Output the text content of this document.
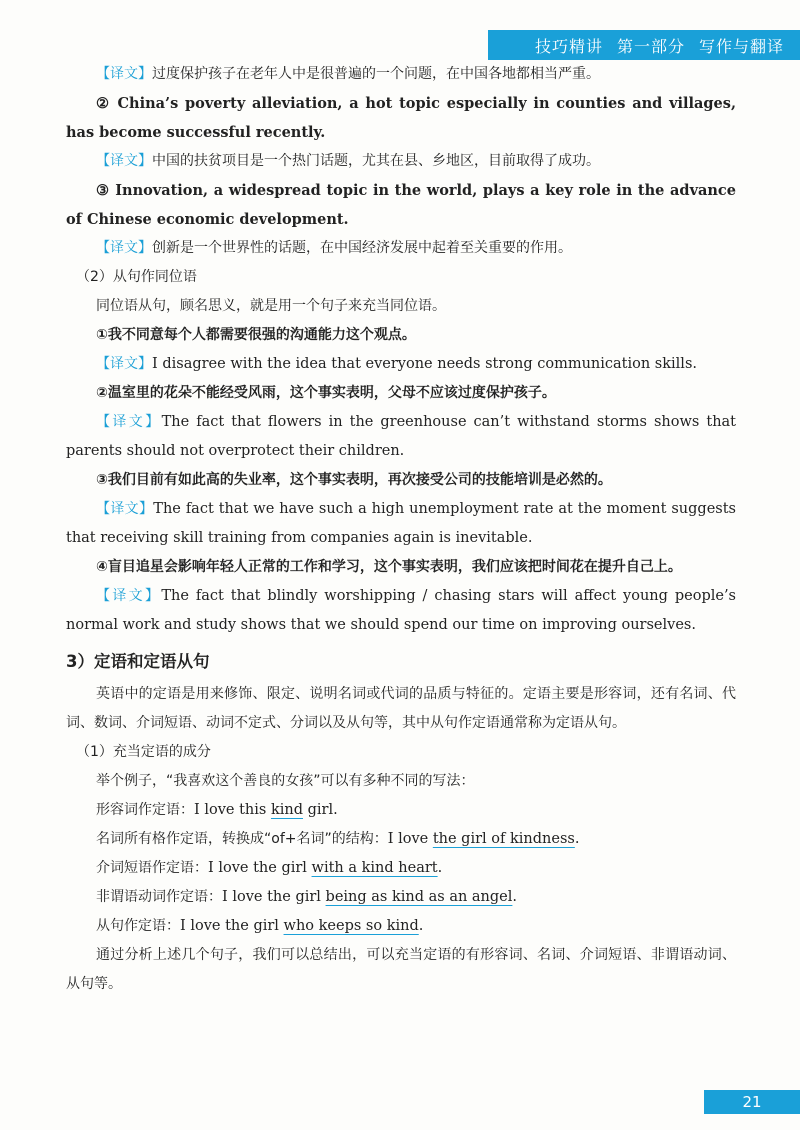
技巧精讲 第一部分 写作与翻译

【译文】过度保护孩子在老年人中是很普遍的一个问题，在中国各地都相当严重。

② China’s poverty alleviation, a hot topic especially in counties and villages, has become successful recently.

【译文】中国的扶贫项目是一个热门话题，尤其在县、乡地区，目前取得了成功。

③ Innovation, a widespread topic in the world, plays a key role in the advance of Chinese economic development.

【译文】创新是一个世界性的话题，在中国经济发展中起着至关重要的作用。

（2）从句作同位语

同位语从句，顾名思义，就是用一个句子来充当同位语。

①我不同意每个人都需要很强的沟通能力这个观点。

【译文】I disagree with the idea that everyone needs strong communication skills.

②温室里的花朵不能经受风雨，这个事实表明，父母不应该过度保护孩子。

【译文】The fact that flowers in the greenhouse can’t withstand storms shows that parents should not overprotect their children.

③我们目前有如此高的失业率，这个事实表明，再次接受公司的技能培训是必然的。

【译文】The fact that we have such a high unemployment rate at the moment suggests that receiving skill training from companies again is inevitable.

④盲目追星会影响年轻人正常的工作和学习，这个事实表明，我们应该把时间花在提升自己上。

【译文】The fact that blindly worshipping / chasing stars will affect young people’s normal work and study shows that we should spend our time on improving ourselves.

3）定语和定语从句

英语中的定语是用来修饰、限定、说明名词或代词的品质与特征的。定语主要是形容词，还有名词、代词、数词、介词短语、动词不定式、分词以及从句等，其中从句作定语通常称为定语从句。

（1）充当定语的成分

举个例子，“我喜欢这个善良的女孩”可以有多种不同的写法：

形容词作定语：I love this kind girl.

名词所有格作定语，转换成“of+名词”的结构：I love the girl of kindness.

介词短语作定语：I love the girl with a kind heart.

非谓语动词作定语：I love the girl being as kind as an angel.

从句作定语：I love the girl who keeps so kind.

通过分析上述几个句子，我们可以总结出，可以充当定语的有形容词、名词、介词短语、非谓语动词、从句等。

21
